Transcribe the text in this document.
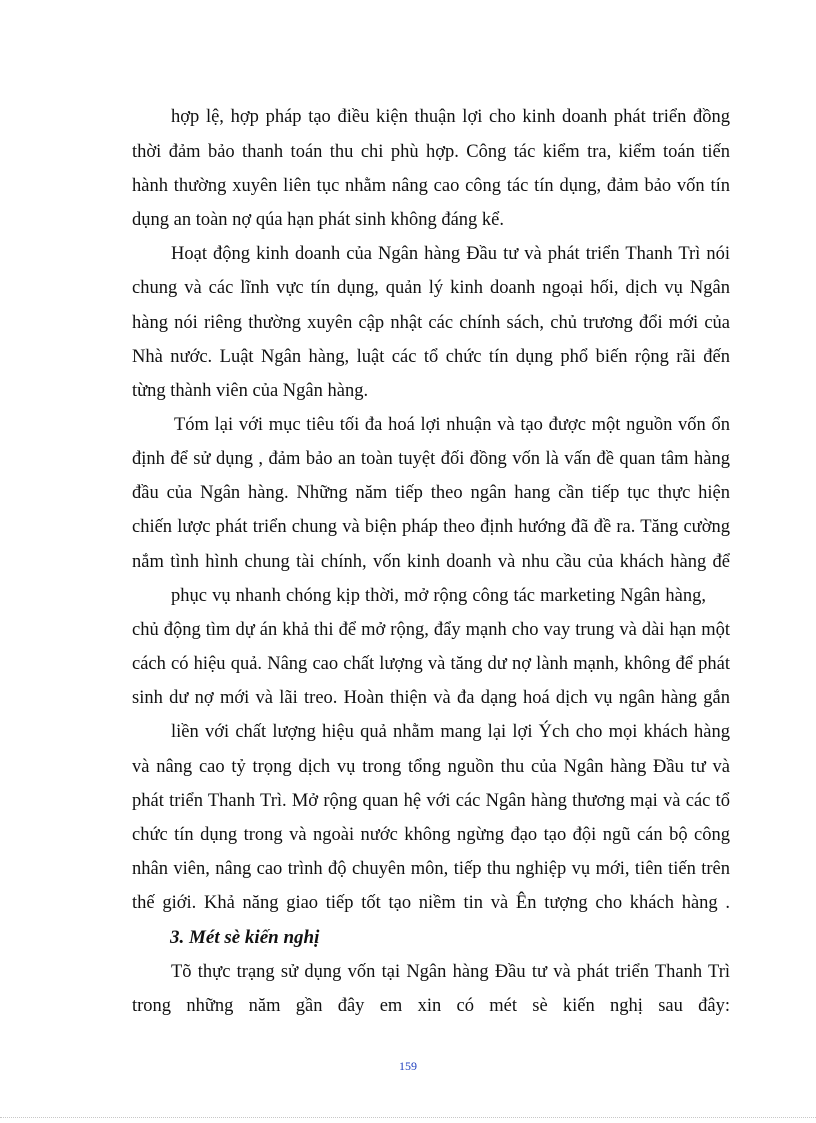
hợp lệ, hợp pháp tạo điều kiện thuận lợi cho kinh doanh phát triển đồng
thời đảm bảo thanh toán thu chi phù hợp. Công tác kiểm tra, kiểm toán tiến
hành thường xuyên liên tục nhằm nâng cao công tác tín dụng, đảm bảo vốn tín
dụng an toàn nợ qúa hạn phát sinh không đáng kể.
Hoạt động kinh doanh của Ngân hàng Đầu tư và phát triển Thanh Trì nói
chung và các lĩnh vực tín dụng, quản lý kinh doanh ngoại hối, dịch vụ Ngân
hàng nói riêng thường xuyên cập nhật các chính sách, chủ trương đổi mới của
Nhà nước. Luật Ngân hàng, luật các tổ chức tín dụng phổ biến rộng rãi đến
từng thành viên của Ngân hàng.
Tóm lại với mục tiêu tối đa hoá lợi nhuận và tạo được một nguồn vốn ổn
định để sử dụng , đảm bảo an toàn tuyệt đối đồng vốn là vấn đề quan tâm hàng
đầu của Ngân hàng. Những năm tiếp theo ngân hang cần tiếp tục thực hiện
chiến lược phát triển chung và biện pháp theo định hướng đã đề ra. Tăng cường
nắm tình hình chung tài chính, vốn kinh doanh và nhu cầu của khách hàng để
phục vụ nhanh chóng kịp thời, mở rộng công tác marketing Ngân hàng,
chủ động tìm dự án khả thi để mở rộng, đẩy mạnh cho vay trung và dài hạn một
cách có hiệu quả. Nâng cao chất lượng và tăng dư nợ lành mạnh, không để phát
sinh dư nợ mới và lãi treo. Hoàn thiện và đa dạng hoá dịch vụ ngân hàng gắn
liền với chất lượng hiệu quả nhằm mang lại lợi Ých cho mọi khách hàng
và nâng cao tỷ trọng dịch vụ trong tổng nguồn thu của Ngân hàng Đầu tư và
phát triển Thanh Trì. Mở rộng quan hệ với các Ngân hàng thương mại và các tổ
chức tín dụng trong và ngoài nước không ngừng đạo tạo đội ngũ cán bộ công
nhân viên, nâng cao trình độ chuyên môn, tiếp thu nghiệp vụ mới, tiên tiến trên
thế giới. Khả năng giao tiếp tốt tạo niềm tin và Ên tượng cho khách hàng .
3. Mét sè kiến nghị
Tõ thực trạng sử dụng vốn tại Ngân hàng Đầu tư và phát triển Thanh Trì
trong những năm gần đây em xin có mét sè kiến nghị sau đây:
159
